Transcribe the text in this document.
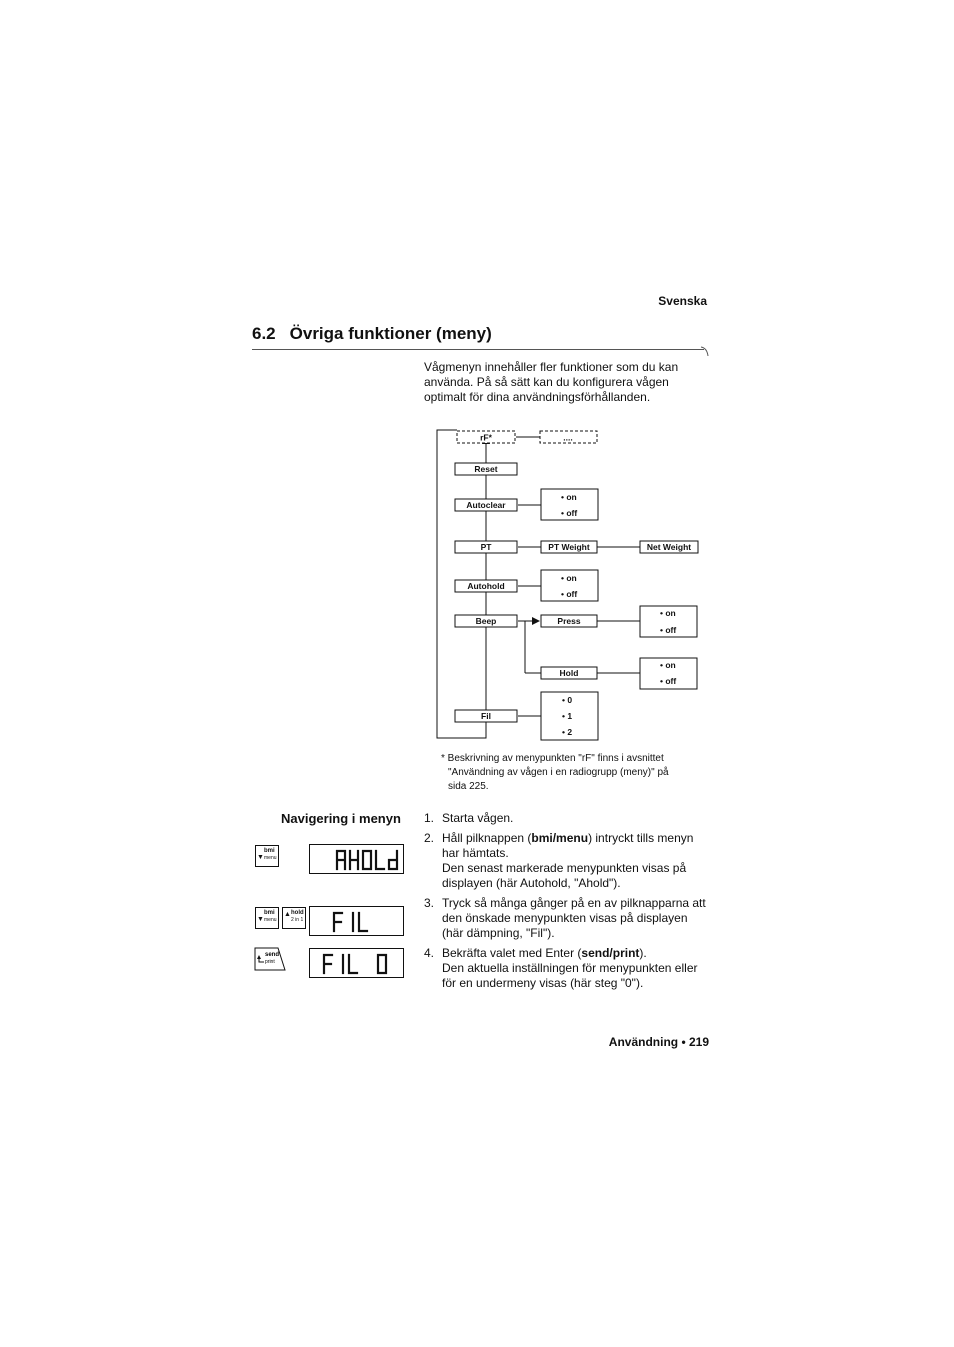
Svenska
6.2 Övriga funktioner (meny)
Vågmenyn innehåller fler funktioner som du kan använda. På så sätt kan du konfigurera vågen optimalt för dina användningsförhållanden.
rF*	....
Reset
Autoclear
• on
• off
PT	PT Weight	Net Weight
Autohold
• on
• off
Beep	Press
• on
• off
Hold
• on
• off
Fil
• 0
• 1
• 2
* Beskrivning av menypunkten "rF" finns i avsnittet
"Användning av vågen i en radiogrupp (meny)" på
sida 225.
Navigering i menyn 1. Starta vågen.
2. Håll pilknappen (bmi/menu) intryckt tills menyn har hämtats.
Den senast markerade menypunkten visas på displayen (här Autohold, "Ahold").
3. Tryck så många gånger på en av pilknapparna att den önskade menypunkten visas på displayen (här dämpning, "Fil").
4. Bekräfta valet med Enter (send/print).
Den aktuella inställningen för menypunkten eller för en undermeny visas (här steg "0").
▼
bmi
menu
▼
bmi
menu
▲ hold
2 in 1
send
print
Användning • 219
